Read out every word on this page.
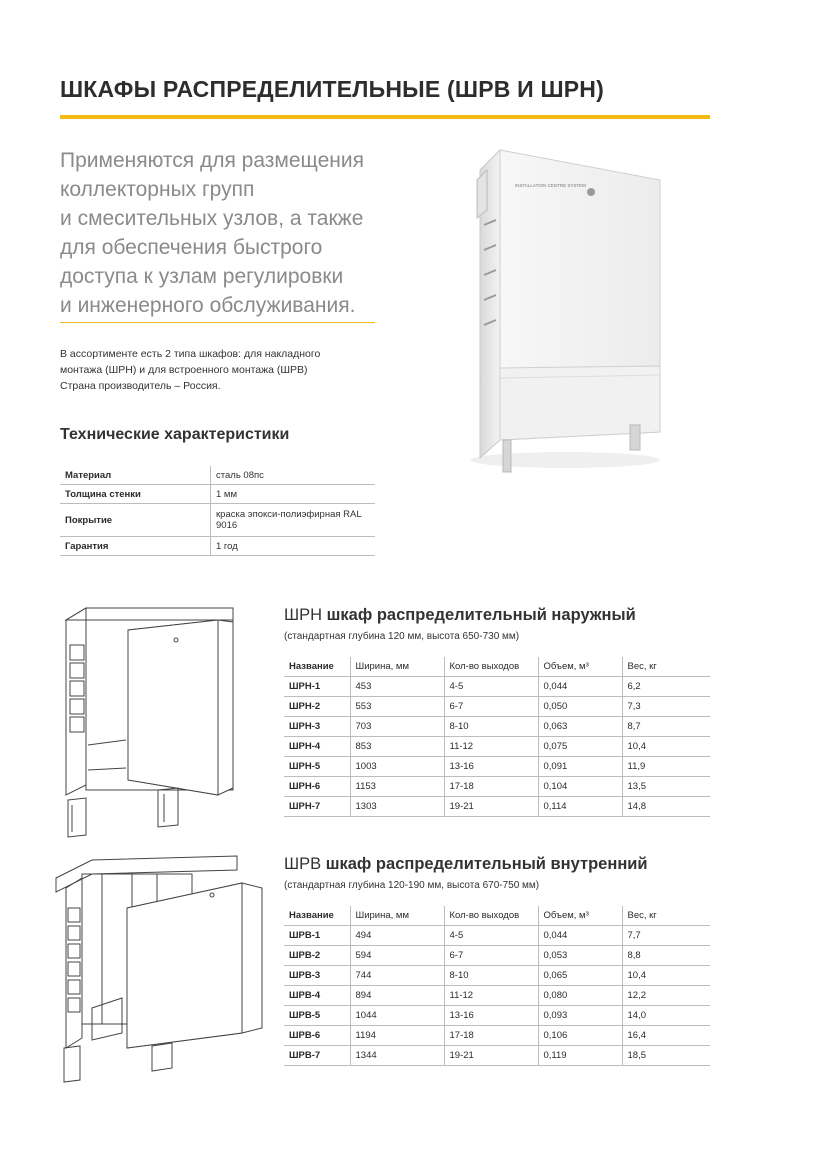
ШКАФЫ РАСПРЕДЕЛИТЕЛЬНЫЕ (ШРВ И ШРН)
Применяются для размещения
коллекторных групп
и смесительных узлов, а также
для обеспечения быстрого
доступа к узлам регулировки
и инженерного обслуживания.
В ассортименте есть 2 типа шкафов: для накладного
монтажа (ШРН) и для встроенного монтажа (ШРВ)
Страна производитель – Россия.
Технические характеристики
Материал	сталь 08пс
Толщина стенки	1 мм
Покрытие	краска эпокси-полиэфирная RAL 9016
Гарантия	1 год
INSTALLATION CENTRE SYSTEM
ШРН шкаф распределительный наружный
(стандартная глубина 120 мм, высота 650-730 мм)
Название	Ширина, мм	Кол-во выходов	Объем, м³	Вес, кг
ШРН-1	453	4-5	0,044	6,2
ШРН-2	553	6-7	0,050	7,3
ШРН-3	703	8-10	0,063	8,7
ШРН-4	853	11-12	0,075	10,4
ШРН-5	1003	13-16	0,091	11,9
ШРН-6	1153	17-18	0,104	13,5
ШРН-7	1303	19-21	0,114	14,8
ШРВ шкаф распределительный внутренний
(стандартная глубина 120-190 мм, высота 670-750 мм)
Название	Ширина, мм	Кол-во выходов	Объем, м³	Вес, кг
ШРВ-1	494	4-5	0,044	7,7
ШРВ-2	594	6-7	0,053	8,8
ШРВ-3	744	8-10	0,065	10,4
ШРВ-4	894	11-12	0,080	12,2
ШРВ-5	1044	13-16	0,093	14,0
ШРВ-6	1194	17-18	0,106	16,4
ШРВ-7	1344	19-21	0,119	18,5
